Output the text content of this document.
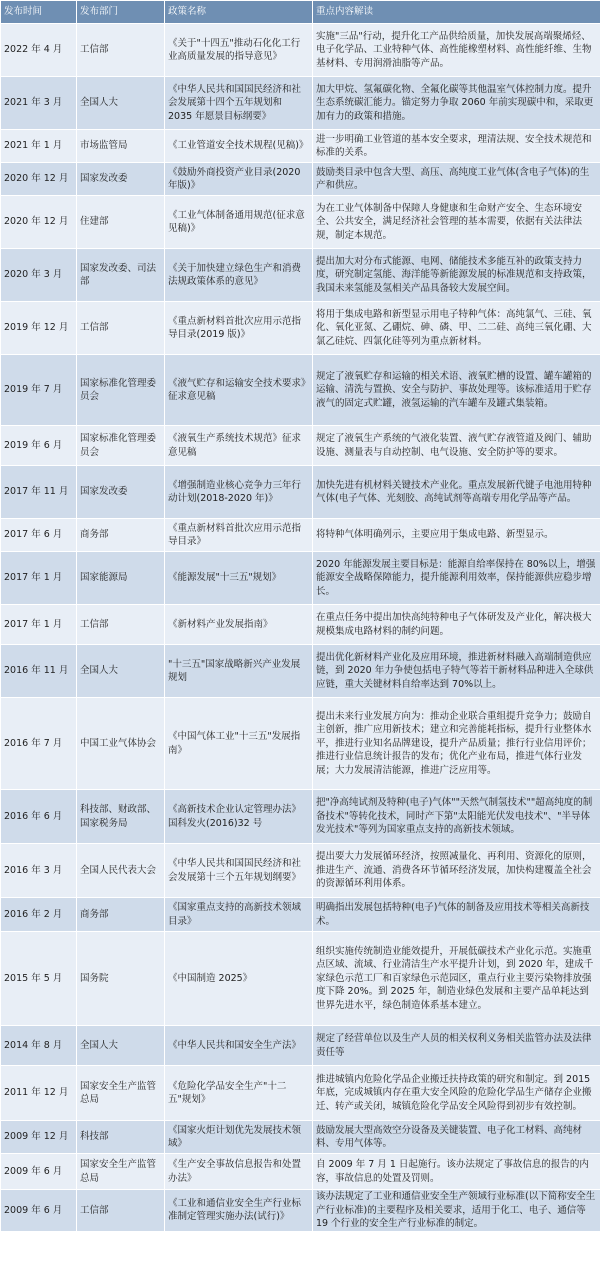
发布时间	发布部门	政策名称	重点内容解读
2022 年 4 月	工信部	《关于"十四五"推动石化化工行业高质量发展的指导意见》	实施"三品"行动，提升化工产品供给质量，加快发展高端聚烯烃、电子化学品、工业特种气体、高性能橡塑材料、高性能纤维、生物基材料、专用润滑油脂等产品。
2021 年 3 月	全国人大	《中华人民共和国国民经济和社会发展第十四个五年规划和 2035 年愿景目标纲要》	加大甲烷、氢氟碳化物、全氟化碳等其他温室气体控制力度。提升生态系统碳汇能力。锚定努力争取 2060 年前实现碳中和，采取更加有力的政策和措施。
2021 年 1 月	市场监管局	《工业管道安全技术规程(见稿)》	进一步明确工业管道的基本安全要求，理清法规、安全技术规范和标准的关系。
2020 年 12 月	国家发改委	《鼓励外商投资产业目录(2020 年版)》	鼓励类目录中包含大型、高压、高纯度工业气体(含电子气体)的生产和供应。
2020 年 12 月	住建部	《工业气体制备通用规范(征求意见稿)》	为在工业气体制备中保障人身健康和生命财产安全、生态环境安全、公共安全，满足经济社会管理的基本需要，依据有关法律法规，制定本规范。
2020 年 3 月	国家发改委、司法部	《关于加快建立绿色生产和消费法规政策体系的意见》	提出加大对分布式能源、电网、储能技术多能互补的政策支持力度，研究制定氢能、海洋能等新能源发展的标准规范和支持政策，我国未来氢能及氢相关产品具备较大发展空间。
2019 年 12 月	工信部	《重点新材料首批次应用示范指导目录(2019 版)》	将用于集成电路和新型显示用电子特种气体：高纯氯气、三硅、氧化、氧化亚氮、乙硼烷、砷、磷、甲、二二硅、高纯三氧化硼、大氯乙硅烷、四氯化硅等列为重点新材料。
2019 年 7 月	国家标准化管理委员会	《液气贮存和运输安全技术要求》征求意见稿	规定了液氧贮存和运输的相关术语、液氧贮槽的设置、罐车罐箱的运输、清洗与置换、安全与防护、事故处理等。该标准适用于贮存液气的固定式贮罐，液氢运输的汽车罐车及罐式集装箱。
2019 年 6 月	国家标准化管理委员会	《液氧生产系统技术规范》征求意见稿	规定了液氧生产系统的气液化装置、液气贮存液管道及阀门、辅助设施、测量表与自动控制、电气设施、安全防护等的要求。
2017 年 11 月	国家发改委	《增强制造业核心竞争力三年行动计划(2018-2020 年)》	加快先进有机材料关键技术产业化。重点发展新代键子电池用特种气体(电子气体、光刻胶、高纯试剂等高端专用化学品等产品。
2017 年 6 月	商务部	《重点新材料首批次应用示范指导目录》	将特种气体明确列示，主要应用于集成电路、新型显示。
2017 年 1 月	国家能源局	《能源发展"十三五"规划》	2020 年能源发展主要目标是：能源自给率保持在 80%以上，增强能源安全战略保障能力，提升能源利用效率，保持能源供应稳步增长。
2017 年 1 月	工信部	《新材料产业发展指南》	在重点任务中提出加快高纯特种电子气体研发及产业化，解决极大规模集成电路材料的制约问题。
2016 年 11 月	全国人大	"十三五"国家战略新兴产业发展规划	提出优化新材料产业化及应用环境，推进新材料融入高端制造供应链，到 2020 年力争使包括电子特气等若干新材料品种进入全球供应链，重大关键材料自给率达到 70%以上。
2016 年 7 月	中国工业气体协会	《中国气体工业"十三五"发展指南》	提出未来行业发展方向为：推动企业联合重组提升竞争力；鼓励自主创新，推广应用新技术；建立和完善能耗指标，提升行业整体水平，推进行业知名品牌建设，提升产品质量；推行行业信用评价；推进行业信息统计报告的发布；优化产业布局，推进气体行业发展；大力发展清洁能源，推进广泛应用等。
2016 年 6 月	科技部、财政部、国家税务局	《高新技术企业认定管理办法》国科发火(2016)32 号	把"净高纯试剂及特种(电子)气体""天然气制氢技术""超高纯度的制备技术"等转化技术，同时产下第"太阳能光伏发电技术"、"半导体发光技术"等列为国家重点支持的高新技术领域。
2016 年 3 月	全国人民代表大会	《中华人民共和国国民经济和社会发展第十三个五年规划纲要》	提出要大力发展循环经济，按照减量化、再利用、资源化的原则，推进生产、流通、消费各环节循环经济发展，加快构建覆盖全社会的资源循环利用体系。
2016 年 2 月	商务部	《国家重点支持的高新技术领域目录》	明确指出发展包括特种(电子)气体的制备及应用技术等相关高新技术。
2015 年 5 月	国务院	《中国制造 2025》	组织实施传统制造业能效提升，开展低碳技术产业化示范。实施重点区域、流域、行业清洁生产水平提升计划，到 2020 年，建成千家绿色示范工厂和百家绿色示范园区，重点行业主要污染物排放强度下降 20%。到 2025 年，制造业绿色发展和主要产品单耗达到世界先进水平，绿色制造体系基本建立。
2014 年 8 月	全国人大	《中华人民共和国安全生产法》	规定了经营单位以及生产人员的相关权利义务相关监管办法及法律责任等
2011 年 12 月	国家安全生产监管总局	《危险化学品安全生产"十二五"规划》	推进城镇内危险化学品企业搬迁扶持政策的研究和制定。到 2015 年底，完成城镇内存在重大安全风险的危险化学品生产储存企业搬迁、转产或关闭，城镇危险化学品安全风险得到初步有效控制。
2009 年 12 月	科技部	《国家火炬计划优先发展技术领域》	鼓励发展大型高效空分设备及关键装置、电子化工材料、高纯材料、专用气体等。
2009 年 6 月	国家安全生产监管总局	《生产安全事故信息报告和处置办法》	自 2009 年 7 月 1 日起施行。该办法规定了事故信息的报告的内容，事故信息的处置及罚则。
2009 年 6 月	工信部	《工业和通信业安全生产行业标准制定管理实施办法(试行)》	该办法规定了工业和通信业安全生产领域行业标准(以下简称安全生产行业标准)的主要程序及相关要求，适用于化工、电子、通信等 19 个行业的安全生产行业标准的制定。
